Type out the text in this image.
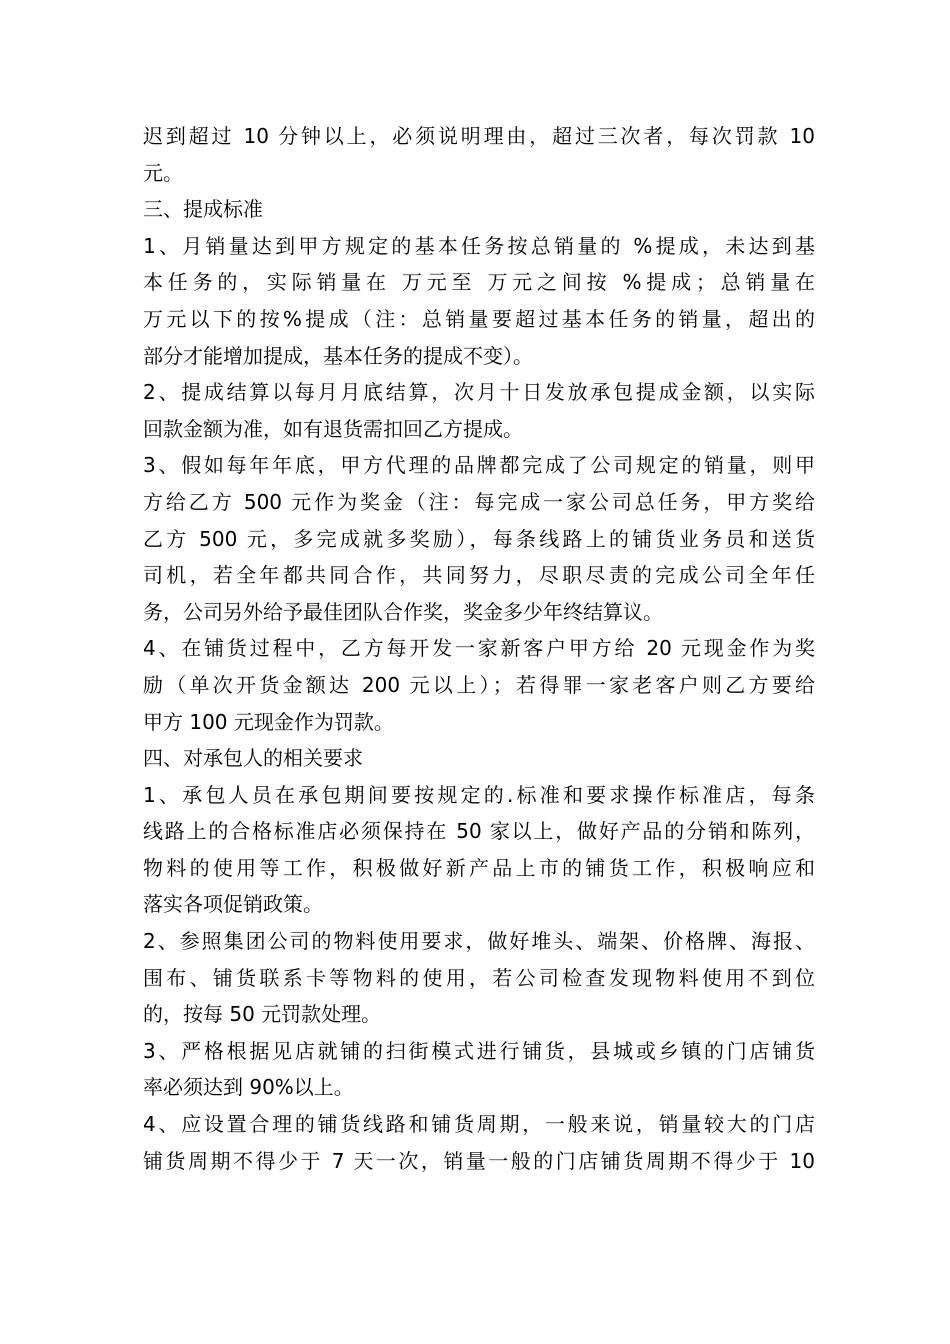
迟到超过 10 分钟以上，必须说明理由，超过三次者，每次罚款 10
元。
三、提成标准
1、月销量达到甲方规定的基本任务按总销量的 %提成，未达到基
本任务的，实际销量在 万元至 万元之间按 %提成；总销量在
万元以下的按%提成（注：总销量要超过基本任务的销量，超出的
部分才能增加提成，基本任务的提成不变）。
2、提成结算以每月月底结算，次月十日发放承包提成金额，以实际
回款金额为准，如有退货需扣回乙方提成。
3、假如每年年底，甲方代理的品牌都完成了公司规定的销量，则甲
方给乙方 500 元作为奖金（注：每完成一家公司总任务，甲方奖给
乙方 500 元，多完成就多奖励），每条线路上的铺货业务员和送货
司机，若全年都共同合作，共同努力，尽职尽责的完成公司全年任
务，公司另外给予最佳团队合作奖，奖金多少年终结算议。
4、在铺货过程中，乙方每开发一家新客户甲方给 20 元现金作为奖
励（单次开货金额达 200 元以上）；若得罪一家老客户则乙方要给
甲方 100 元现金作为罚款。
四、对承包人的相关要求
1、承包人员在承包期间要按规定的.标准和要求操作标准店，每条
线路上的合格标准店必须保持在 50 家以上，做好产品的分销和陈列，
物料的使用等工作，积极做好新产品上市的铺货工作，积极响应和
落实各项促销政策。
2、参照集团公司的物料使用要求，做好堆头、端架、价格牌、海报、
围布、铺货联系卡等物料的使用，若公司检查发现物料使用不到位
的，按每 50 元罚款处理。
3、严格根据见店就铺的扫街模式进行铺货，县城或乡镇的门店铺货
率必须达到 90%以上。
4、应设置合理的铺货线路和铺货周期，一般来说，销量较大的门店
铺货周期不得少于 7 天一次，销量一般的门店铺货周期不得少于 10
